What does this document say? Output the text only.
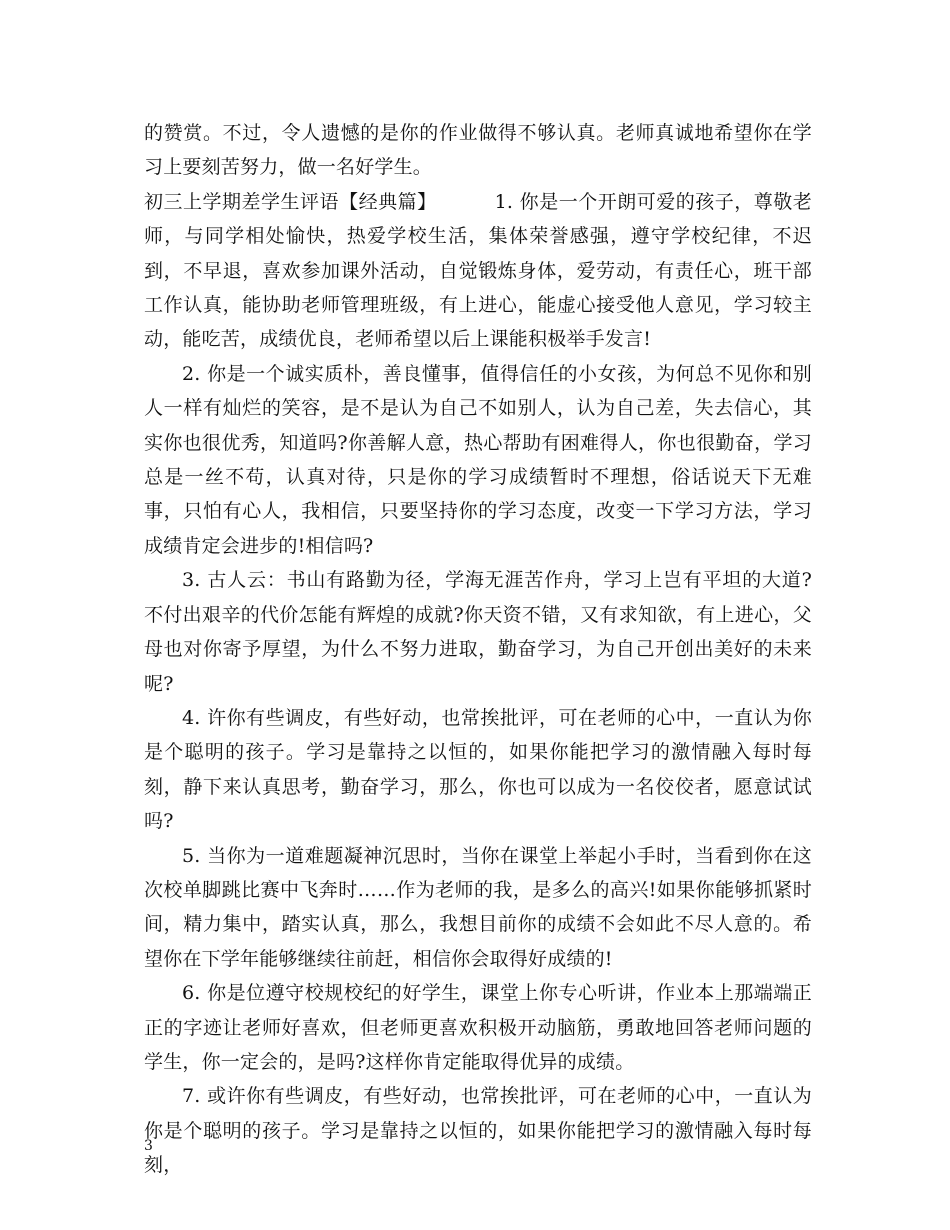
的赞赏。不过，令人遗憾的是你的作业做得不够认真。老师真诚地希望你在学习上要刻苦努力，做一名好学生。

初三上学期差学生评语【经典篇】	1. 你是一个开朗可爱的孩子，尊敬老师，与同学相处愉快，热爱学校生活，集体荣誉感强，遵守学校纪律，不迟到，不早退，喜欢参加课外活动，自觉锻炼身体，爱劳动，有责任心，班干部工作认真，能协助老师管理班级，有上进心，能虚心接受他人意见，学习较主动，能吃苦，成绩优良，老师希望以后上课能积极举手发言!

2. 你是一个诚实质朴，善良懂事，值得信任的小女孩，为何总不见你和别人一样有灿烂的笑容，是不是认为自己不如别人，认为自己差，失去信心，其实你也很优秀，知道吗?你善解人意，热心帮助有困难得人，你也很勤奋，学习总是一丝不苟，认真对待，只是你的学习成绩暂时不理想，俗话说天下无难事，只怕有心人，我相信，只要坚持你的学习态度，改变一下学习方法，学习成绩肯定会进步的!相信吗?

3. 古人云：书山有路勤为径，学海无涯苦作舟，学习上岂有平坦的大道?不付出艰辛的代价怎能有辉煌的成就?你天资不错，又有求知欲，有上进心，父母也对你寄予厚望，为什么不努力进取，勤奋学习，为自己开创出美好的未来呢?

4. 许你有些调皮，有些好动，也常挨批评，可在老师的心中，一直认为你是个聪明的孩子。学习是靠持之以恒的，如果你能把学习的激情融入每时每刻，静下来认真思考，勤奋学习，那么，你也可以成为一名佼佼者，愿意试试吗?

5. 当你为一道难题凝神沉思时，当你在课堂上举起小手时，当看到你在这次校单脚跳比赛中飞奔时……作为老师的我，是多么的高兴!如果你能够抓紧时间，精力集中，踏实认真，那么，我想目前你的成绩不会如此不尽人意的。希望你在下学年能够继续往前赶，相信你会取得好成绩的!

6. 你是位遵守校规校纪的好学生，课堂上你专心听讲，作业本上那端端正正的字迹让老师好喜欢，但老师更喜欢积极开动脑筋，勇敢地回答老师问题的学生，你一定会的，是吗?这样你肯定能取得优异的成绩。

7. 或许你有些调皮，有些好动，也常挨批评，可在老师的心中，一直认为你是个聪明的孩子。学习是靠持之以恒的，如果你能把学习的激情融入每时每刻，

3
